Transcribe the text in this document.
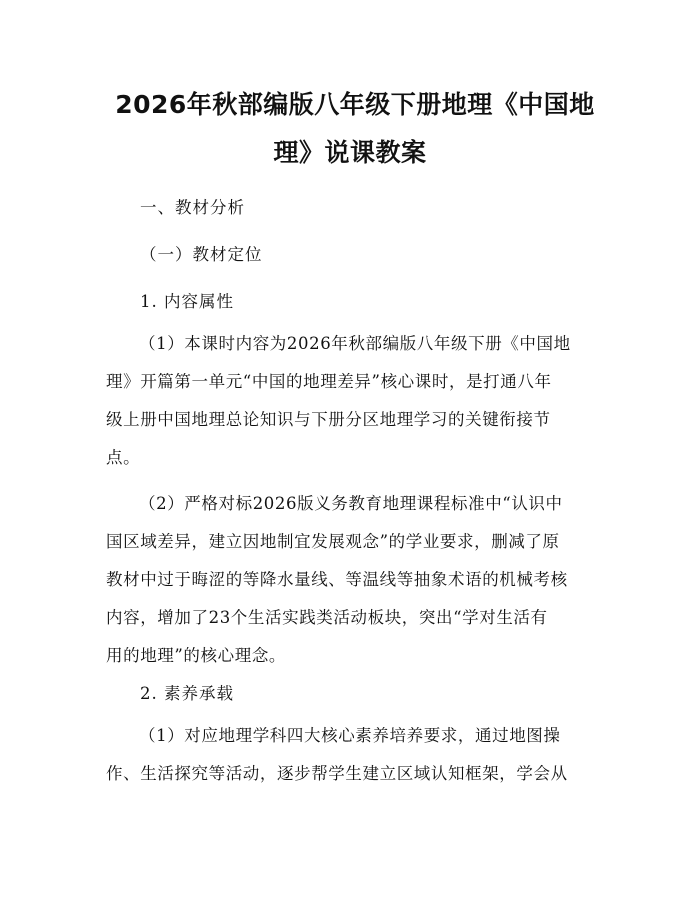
2026年秋部编版八年级下册地理《中国地
理》说课教案

一、教材分析

（一）教材定位

1. 内容属性

（1）本课时内容为2026年秋部编版八年级下册《中国地
理》开篇第一单元“中国的地理差异”核心课时，是打通八年
级上册中国地理总论知识与下册分区地理学习的关键衔接节
点。
（2）严格对标2026版义务教育地理课程标准中“认识中
国区域差异，建立因地制宜发展观念”的学业要求，删减了原
教材中过于晦涩的等降水量线、等温线等抽象术语的机械考核
内容，增加了23个生活实践类活动板块，突出“学对生活有
用的地理”的核心理念。

2. 素养承载

（1）对应地理学科四大核心素养培养要求，通过地图操
作、生活探究等活动，逐步帮学生建立区域认知框架，学会从
